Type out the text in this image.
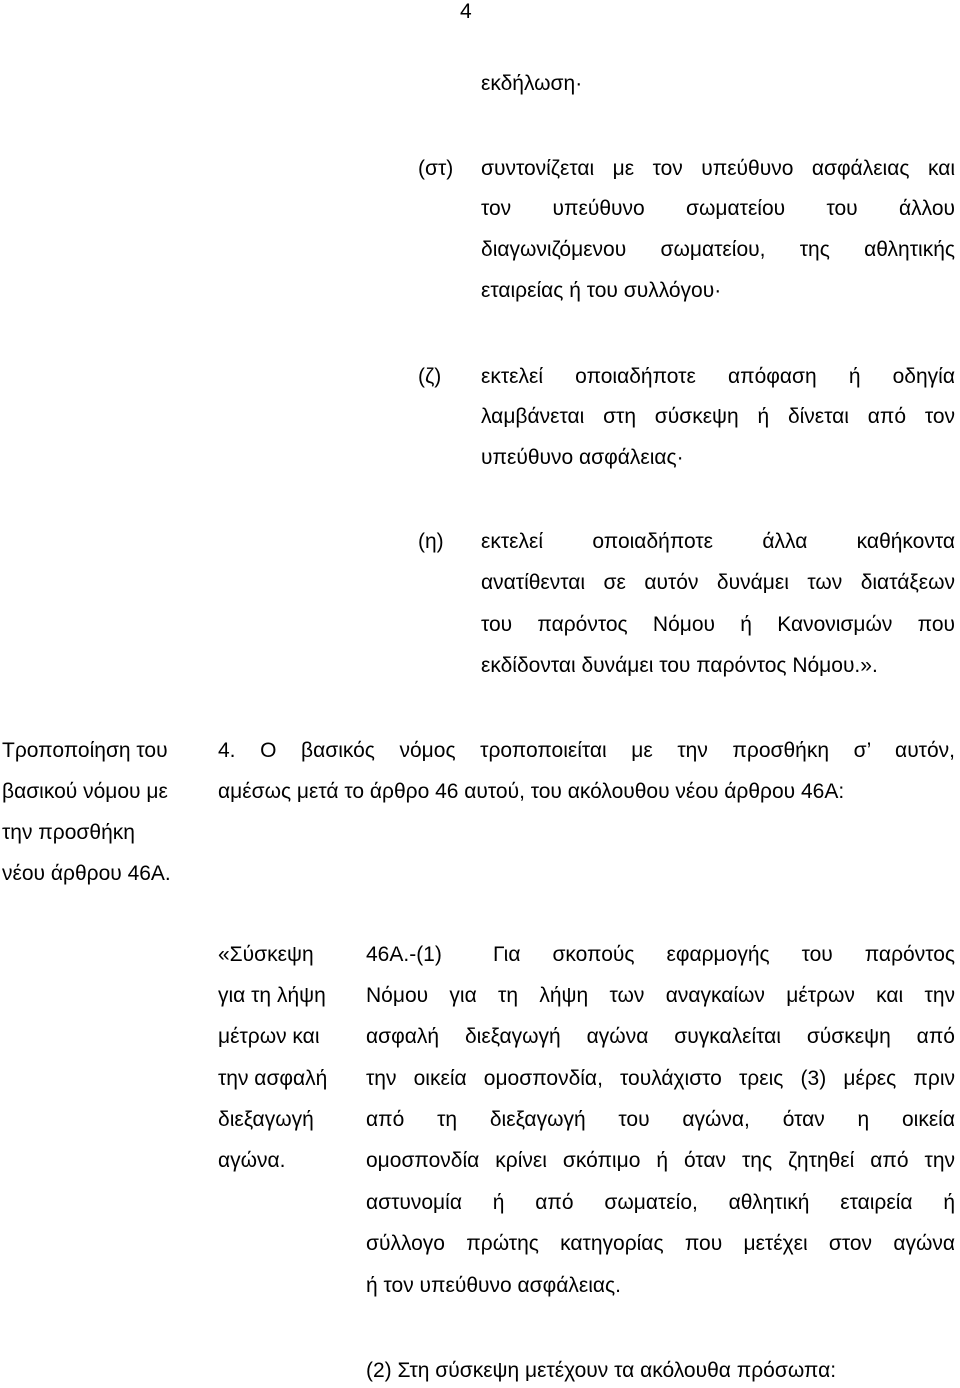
4
εκδήλωση·
(στ) συντονίζεται με τον υπεύθυνο ασφάλειας και
τον υπεύθυνο σωματείου του άλλου
διαγωνιζόμενου σωματείου, της αθλητικής
εταιρείας ή του συλλόγου·
(ζ) εκτελεί οποιαδήποτε απόφαση ή οδηγία
λαμβάνεται στη σύσκεψη ή δίνεται από τον
υπεύθυνο ασφάλειας·
(η) εκτελεί οποιαδήποτε άλλα καθήκοντα
ανατίθενται σε αυτόν δυνάμει των διατάξεων
του παρόντος Νόμου ή Κανονισμών που
εκδίδονται δυνάμει του παρόντος Νόμου.».
Τροποποίηση του
βασικού νόμου με
την προσθήκη
νέου άρθρου 46Α.
4. Ο βασικός νόμος τροποποιείται με την προσθήκη σ’ αυτόν,
αμέσως μετά το άρθρο 46 αυτού, του ακόλουθου νέου άρθρου 46Α:
«Σύσκεψη
για τη λήψη
μέτρων και
την ασφαλή
διεξαγωγή
αγώνα.
46Α.-(1) Για σκοπούς εφαρμογής του παρόντος
Νόμου για τη λήψη των αναγκαίων μέτρων και την
ασφαλή διεξαγωγή αγώνα συγκαλείται σύσκεψη από
την οικεία ομοσπονδία, τουλάχιστο τρεις (3) μέρες πριν
από τη διεξαγωγή του αγώνα, όταν η οικεία
ομοσπονδία κρίνει σκόπιμο ή όταν της ζητηθεί από την
αστυνομία ή από σωματείο, αθλητική εταιρεία ή
σύλλογο πρώτης κατηγορίας που μετέχει στον αγώνα
ή τον υπεύθυνο ασφάλειας.
(2) Στη σύσκεψη μετέχουν τα ακόλουθα πρόσωπα:
